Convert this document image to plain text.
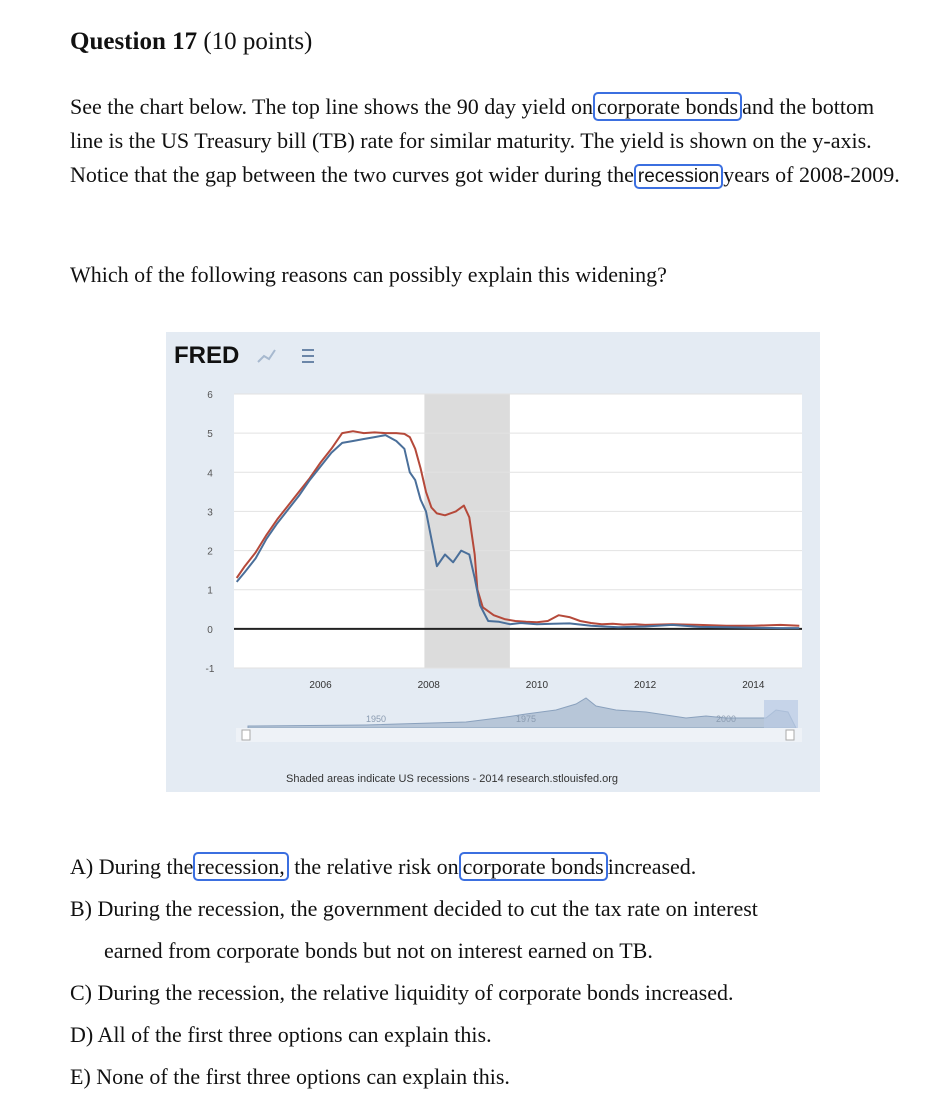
Question 17 (10 points)

See the chart below. The top line shows the 90 day yield on corporate bonds and the bottom line is the US Treasury bill (TB) rate for similar maturity. The yield is shown on the y-axis. Notice that the gap between the two curves got wider during the recession years of 2008-2009.

Which of the following reasons can possibly explain this widening?

-1
0
1
2
3
4
5
6
2006	2008	2010	2012	2014
FRED
1950	1975	2000
Shaded areas indicate US recessions - 2014 research.stlouisfed.org
A) During the recession, the relative risk on corporate bonds increased.
B) During the recession, the government decided to cut the tax rate on interest
earned from corporate bonds but not on interest earned on TB.
C) During the recession, the relative liquidity of corporate bonds increased.
D) All of the first three options can explain this.
E) None of the first three options can explain this.
